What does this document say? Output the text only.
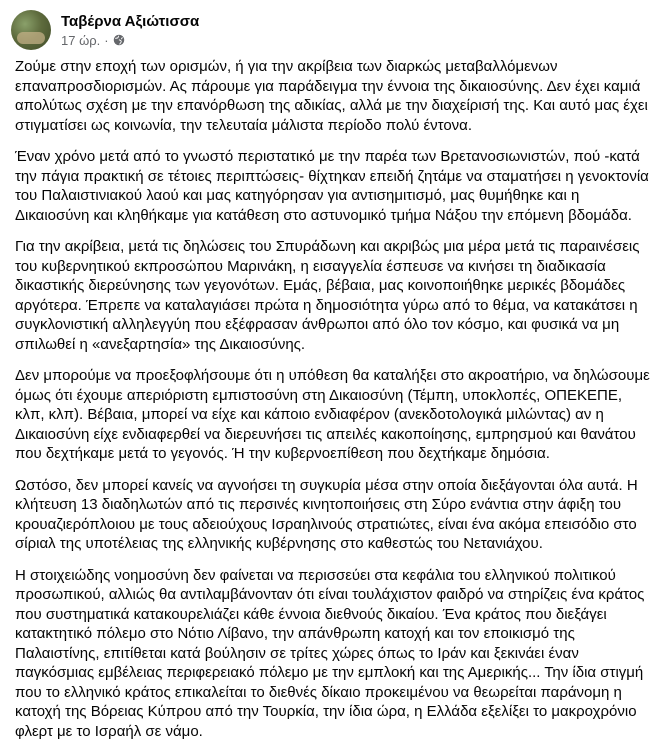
Ταβέρνα Αξιώτισσα
17 ώρ. ·

Ζούμε στην εποχή των ορισμών, ή για την ακρίβεια των διαρκώς μεταβαλλόμενων επαναπροσδιορισμών. Ας πάρουμε για παράδειγμα την έννοια της δικαιοσύνης. Δεν έχει καμιά απολύτως σχέση με την επανόρθωση της αδικίας, αλλά με την διαχείρισή της. Και αυτό μας έχει στιγματίσει ως κοινωνία, την τελευταία μάλιστα περίοδο πολύ έντονα.

Έναν χρόνο μετά από το γνωστό περιστατικό με την παρέα των Βρετανοσιωνιστών, πού -κατά την πάγια πρακτική σε τέτοιες περιπτώσεις- θίχτηκαν επειδή ζητάμε να σταματήσει η γενοκτονία του Παλαιστινιακού λαού και μας κατηγόρησαν για αντισημιτισμό, μας θυμήθηκε και η Δικαιοσύνη και κληθήκαμε για κατάθεση στο αστυνομικό τμήμα Νάξου την επόμενη βδομάδα.

Για την ακρίβεια, μετά τις δηλώσεις του Σπυράδωνη και ακριβώς μια μέρα μετά τις παραινέσεις του κυβερνητικού εκπροσώπου Μαρινάκη, η εισαγγελία έσπευσε να κινήσει τη διαδικασία δικαστικής διερεύνησης των γεγονότων. Εμάς, βέβαια, μας κοινοποιήθηκε μερικές βδομάδες αργότερα. Έπρεπε να καταλαγιάσει πρώτα η δημοσιότητα γύρω από το θέμα, να κατακάτσει η συγκλονιστική αλληλεγγύη που εξέφρασαν άνθρωποι από όλο τον κόσμο, και φυσικά να μη σπιλωθεί η «ανεξαρτησία» της Δικαιοσύνης.

Δεν μπορούμε να προεξοφλήσουμε ότι η υπόθεση θα καταλήξει στο ακροατήριο, να δηλώσουμε όμως ότι έχουμε απεριόριστη εμπιστοσύνη στη Δικαιοσύνη (Τέμπη, υποκλοπές, ΟΠΕΚΕΠΕ, κλπ, κλπ). Βέβαια, μπορεί να είχε και κάποιο ενδιαφέρον (ανεκδοτολογικά μιλώντας) αν η Δικαιοσύνη είχε ενδιαφερθεί να διερευνήσει τις απειλές κακοποίησης, εμπρησμού και θανάτου που δεχτήκαμε μετά το γεγονός. Ή την κυβερνοεπίθεση που δεχτήκαμε δημόσια.

Ωστόσο, δεν μπορεί κανείς να αγνοήσει τη συγκυρία μέσα στην οποία διεξάγονται όλα αυτά. Η κλήτευση 13 διαδηλωτών από τις περσινές κινητοποιήσεις στη Σύρο ενάντια στην άφιξη του κρουαζιερόπλοιου με τους αδειούχους Ισραηλινούς στρατιώτες, είναι ένα ακόμα επεισόδιο στο σίριαλ της υποτέλειας της ελληνικής κυβέρνησης στο καθεστώς του Νετανιάχου.

Η στοιχειώδης νοημοσύνη δεν φαίνεται να περισσεύει στα κεφάλια του ελληνικού πολιτικού προσωπικού, αλλιώς θα αντιλαμβάνονταν ότι είναι τουλάχιστον φαιδρό να στηρίζεις ένα κράτος που συστηματικά κατακουρελιάζει κάθε έννοια διεθνούς δικαίου. Ένα κράτος που διεξάγει κατακτητικό πόλεμο στο Νότιο Λίβανο, την απάνθρωπη κατοχή και τον εποικισμό της Παλαιστίνης, επιτίθεται κατά βούλησιν σε τρίτες χώρες όπως το Ιράν και ξεκινάει έναν παγκόσμιας εμβέλειας περιφερειακό πόλεμο με την εμπλοκή και της Αμερικής... Την ίδια στιγμή που το ελληνικό κράτος επικαλείται το διεθνές δίκαιο προκειμένου να θεωρείται παράνομη η κατοχή της Βόρειας Κύπρου από την Τουρκία, την ίδια ώρα, η Ελλάδα εξελίξει το μακροχρόνιο φλερτ με το Ισραήλ σε νάμο.
